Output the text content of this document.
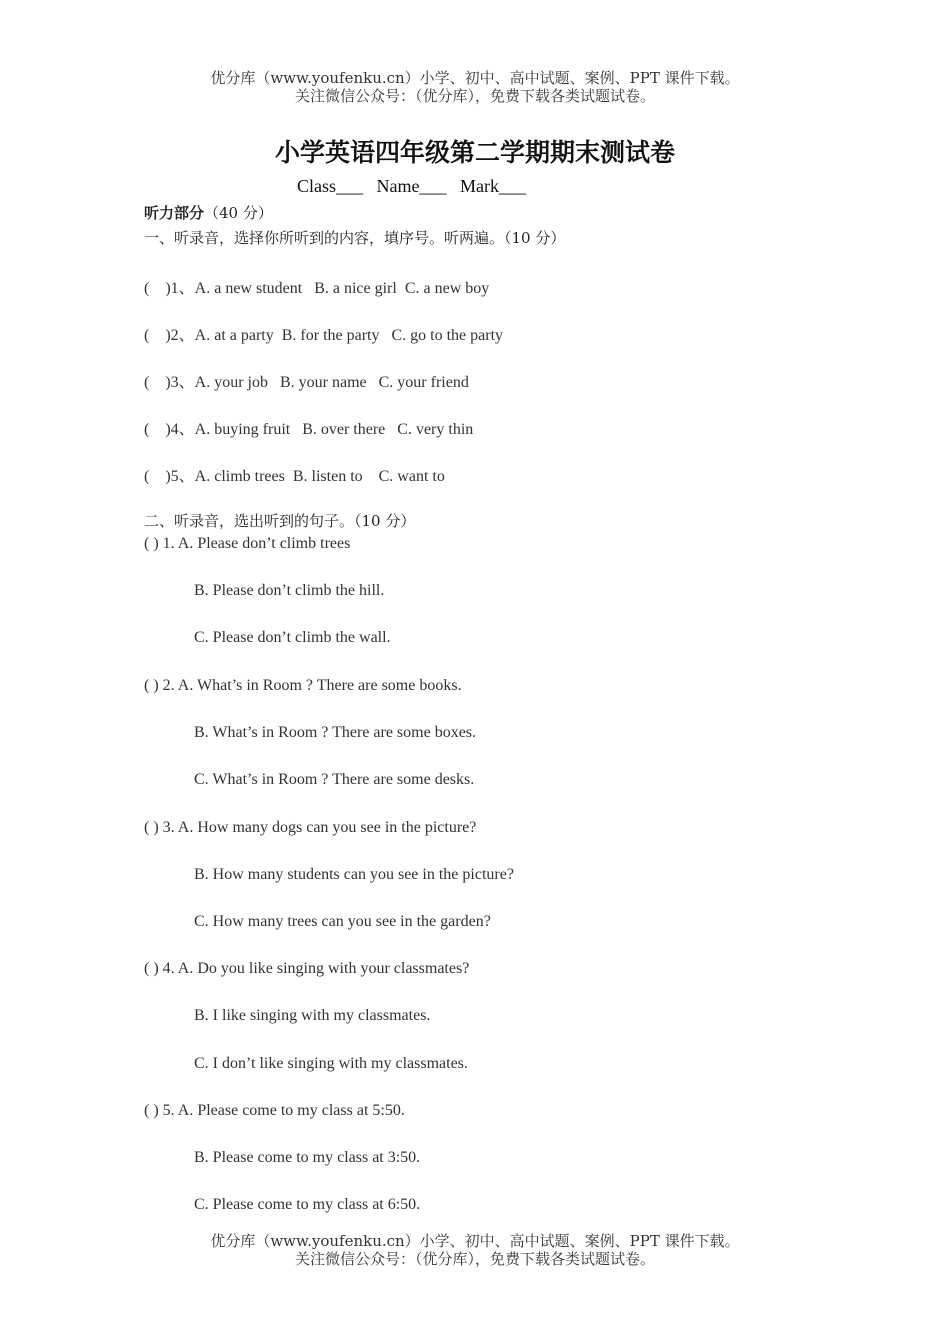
优分库（www.youfenku.cn）小学、初中、高中试题、案例、PPT 课件下载。
关注微信公众号：（优分库），免费下载各类试题试卷。
小学英语四年级第二学期期末测试卷
Class___   Name___   Mark___
听力部分（40 分）
一、听录音，选择你所听到的内容，填序号。听两遍。（10 分）
(    )1、A. a new student   B. a nice girl  C. a new boy
(    )2、A. at a party  B. for the party   C. go to the party
(    )3、A. your job   B. your name   C. your friend
(    )4、A. buying fruit   B. over there   C. very thin
(    )5、A. climb trees  B. listen to    C. want to
二、听录音，选出听到的句子。（10 分）
( ) 1. A. Please don’t climb trees
B. Please don’t climb the hill.
C. Please don’t climb the wall.
( ) 2. A. What’s in Room ? There are some books.
B. What’s in Room ? There are some boxes.
C. What’s in Room ? There are some desks.
( ) 3. A. How many dogs can you see in the picture?
B. How many students can you see in the picture?
C. How many trees can you see in the garden?
( ) 4. A. Do you like singing with your classmates?
B. I like singing with my classmates.
C. I don’t like singing with my classmates.
( ) 5. A. Please come to my class at 5:50.
B. Please come to my class at 3:50.
C. Please come to my class at 6:50.
优分库（www.youfenku.cn）小学、初中、高中试题、案例、PPT 课件下载。
关注微信公众号：（优分库），免费下载各类试题试卷。
